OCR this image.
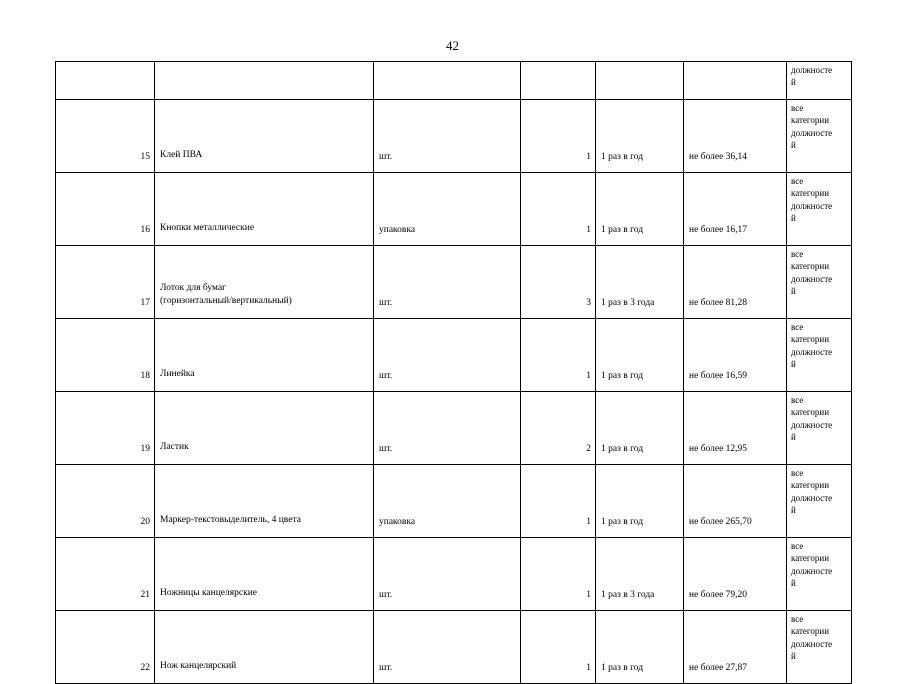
42
						должносте
й
15	Клей ПВА	шт.	1	1 раз в год	не более 36,14	все
категории
должносте
й
16	Кнопки металлические	упаковка	1	1 раз в год	не более 16,17	все
категории
должносте
й
17	Лоток для бумаг
(горизонтальный/вертикальный)	шт.	3	1 раз в 3 года	не более 81,28	все
категории
должносте
й
18	Линейка	шт.	1	1 раз в год	не более 16,59	все
категории
должносте
й
19	Ластик	шт.	2	1 раз в год	не более 12,95	все
категории
должносте
й
20	Маркер-текстовыделитель, 4 цвета	упаковка	1	1 раз в год	не более 265,70	все
категории
должносте
й
21	Ножницы канцелярские	шт.	1	1 раз в 3 года	не более 79,20	все
категории
должносте
й
22	Нож канцелярский	шт.	1	1 раз в год	не более 27,87	все
категории
должносте
й
